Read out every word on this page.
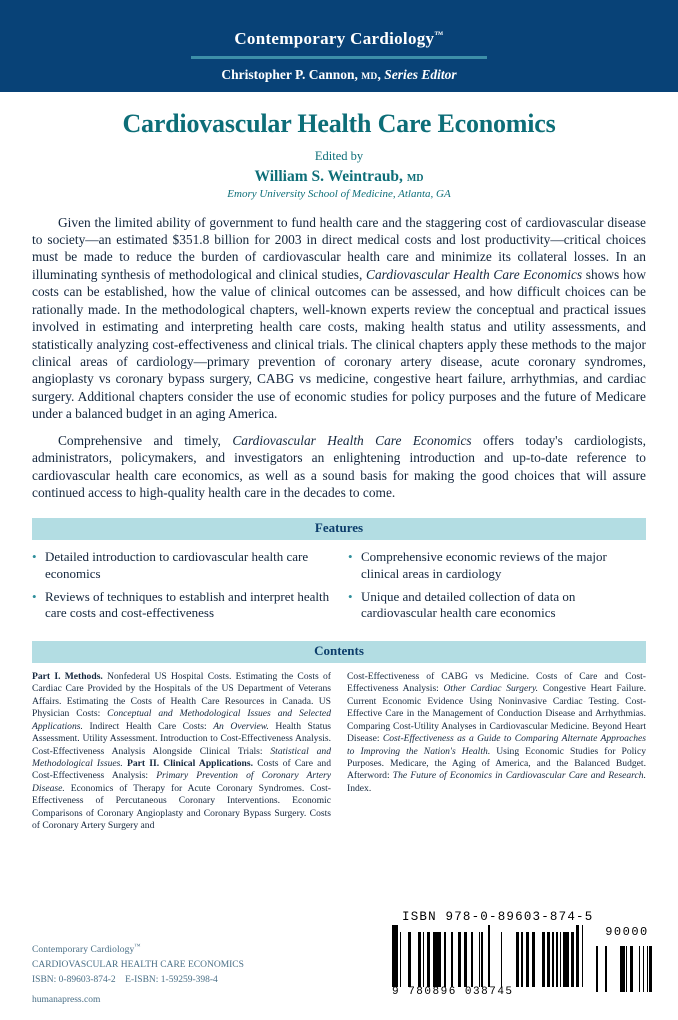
Contemporary Cardiology™
Christopher P. Cannon, MD, Series Editor
Cardiovascular Health Care Economics
Edited by
William S. Weintraub, MD
Emory University School of Medicine, Atlanta, GA

Given the limited ability of government to fund health care and the staggering cost of cardiovascular disease to society—an estimated $351.8 billion for 2003 in direct medical costs and lost productivity—critical choices must be made to reduce the burden of cardiovascular health care and minimize its collateral losses. In an illuminating synthesis of methodological and clinical studies, Cardiovascular Health Care Economics shows how costs can be established, how the value of clinical outcomes can be assessed, and how difficult choices can be rationally made. In the methodological chapters, well-known experts review the conceptual and practical issues involved in estimating and interpreting health care costs, making health status and utility assessments, and statistically analyzing cost-effectiveness and clinical trials. The clinical chapters apply these methods to the major clinical areas of cardiology—primary prevention of coronary artery disease, acute coronary syndromes, angioplasty vs coronary bypass surgery, CABG vs medicine, congestive heart failure, arrhythmias, and cardiac surgery. Additional chapters consider the use of economic studies for policy purposes and the future of Medicare under a balanced budget in an aging America.

Comprehensive and timely, Cardiovascular Health Care Economics offers today's cardiologists, administrators, policymakers, and investigators an enlightening introduction and up-to-date reference to cardiovascular health care economics, as well as a sound basis for making the good choices that will assure continued access to high-quality health care in the decades to come.

Features
• Detailed introduction to cardiovascular health care economics
• Reviews of techniques to establish and interpret health care costs and cost-effectiveness
• Comprehensive economic reviews of the major clinical areas in cardiology
• Unique and detailed collection of data on cardiovascular health care economics
Contents
Part I. Methods. Nonfederal US Hospital Costs. Estimating the Costs of Cardiac Care Provided by the Hospitals of the US Department of Veterans Affairs. Estimating the Costs of Health Care Resources in Canada. US Physician Costs: Conceptual and Methodological Issues and Selected Applications. Indirect Health Care Costs: An Overview. Health Status Assessment. Utility Assessment. Introduction to Cost-Effectiveness Analysis. Cost-Effectiveness Analysis Alongside Clinical Trials: Statistical and Methodological Issues. Part II. Clinical Applications. Costs of Care and Cost-Effectiveness Analysis: Primary Prevention of Coronary Artery Disease. Economics of Therapy for Acute Coronary Syndromes. Cost-Effectiveness of Percutaneous Coronary Interventions. Economic Comparisons of Coronary Angioplasty and Coronary Bypass Surgery. Costs of Coronary Artery Surgery and
Cost-Effectiveness of CABG vs Medicine. Costs of Care and Cost-Effectiveness Analysis: Other Cardiac Surgery. Congestive Heart Failure. Current Economic Evidence Using Noninvasive Cardiac Testing. Cost-Effective Care in the Management of Conduction Disease and Arrhythmias. Comparing Cost-Utility Analyses in Cardiovascular Medicine. Beyond Heart Disease: Cost-Effectiveness as a Guide to Comparing Alternate Approaches to Improving the Nation's Health. Using Economic Studies for Policy Purposes. Medicare, the Aging of America, and the Balanced Budget. Afterword: The Future of Economics in Cardiovascular Care and Research. Index.
Contemporary Cardiology™
CARDIOVASCULAR HEALTH CARE ECONOMICS
ISBN: 0-89603-874-2 E-ISBN: 1-59259-398-4
humanapress.com
ISBN 978-0-89603-874-5
9 780896 038745
90000
